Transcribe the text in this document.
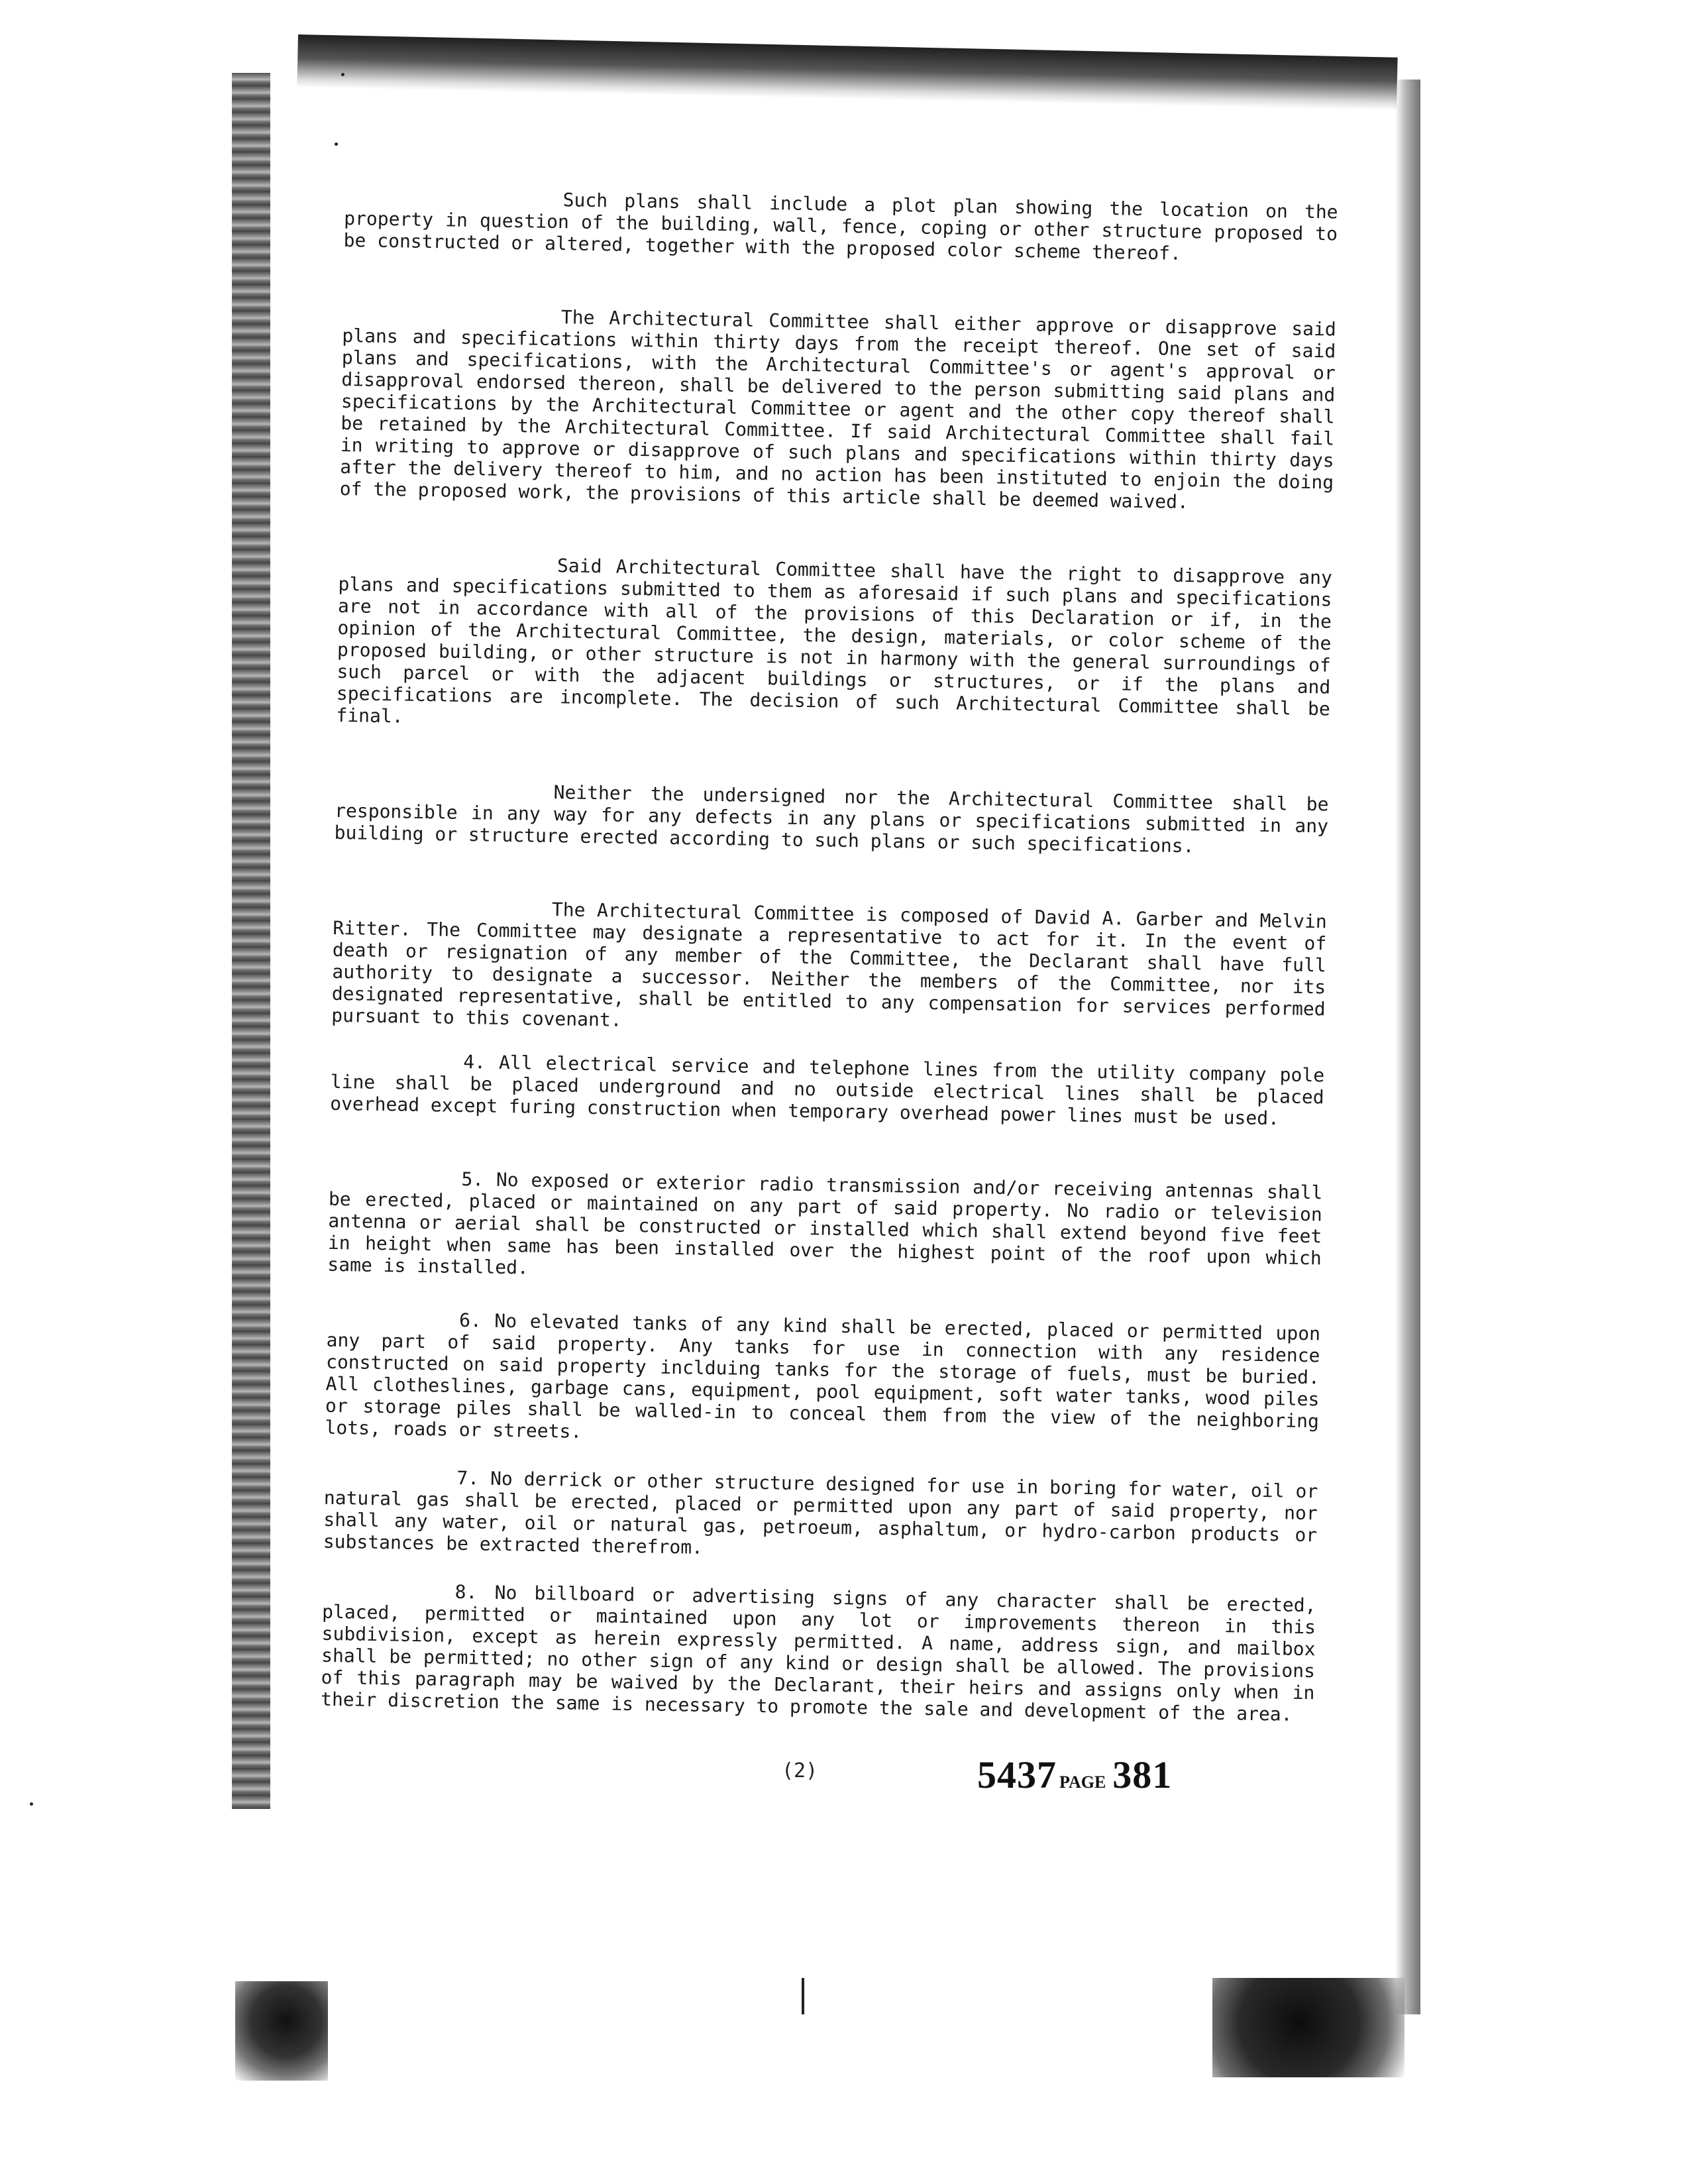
Such plans shall include a plot plan showing the location on the property in question of the building, wall, fence, coping or other structure proposed to be constructed or altered, together with the proposed color scheme thereof.

The Architectural Committee shall either approve or disapprove said plans and specifications within thirty days from the receipt thereof. One set of said plans and specifications, with the Architectural Committee's or agent's approval or disapproval endorsed thereon, shall be delivered to the person submitting said plans and specifications by the Architectural Committee or agent and the other copy thereof shall be retained by the Architectural Committee. If said Architectural Committee shall fail in writing to approve or disapprove of such plans and specifications within thirty days after the delivery thereof to him, and no action has been instituted to enjoin the doing of the proposed work, the provisions of this article shall be deemed waived.

Said Architectural Committee shall have the right to disapprove any plans and specifications submitted to them as aforesaid if such plans and specifications are not in accordance with all of the provisions of this Declaration or if, in the opinion of the Architectural Committee, the design, materials, or color scheme of the proposed building, or other structure is not in harmony with the general surroundings of such parcel or with the adjacent buildings or structures, or if the plans and specifications are incomplete. The decision of such Architectural Committee shall be final.

Neither the undersigned nor the Architectural Committee shall be responsible in any way for any defects in any plans or specifications submitted in any building or structure erected according to such plans or such specifications.

The Architectural Committee is composed of David A. Garber and Melvin Ritter. The Committee may designate a representative to act for it. In the event of death or resignation of any member of the Committee, the Declarant shall have full authority to designate a successor. Neither the members of the Committee, nor its designated representative, shall be entitled to any compensation for services performed pursuant to this covenant.

4. All electrical service and telephone lines from the utility company pole line shall be placed underground and no outside electrical lines shall be placed overhead except furing construction when temporary overhead power lines must be used.

5. No exposed or exterior radio transmission and/or receiving antennas shall be erected, placed or maintained on any part of said property. No radio or television antenna or aerial shall be constructed or installed which shall extend beyond five feet in height when same has been installed over the highest point of the roof upon which same is installed.

6. No elevated tanks of any kind shall be erected, placed or permitted upon any part of said property. Any tanks for use in connection with any residence constructed on said property inclduing tanks for the storage of fuels, must be buried. All clotheslines, garbage cans, equipment, pool equipment, soft water tanks, wood piles or storage piles shall be walled-in to conceal them from the view of the neighboring lots, roads or streets.

7. No derrick or other structure designed for use in boring for water, oil or natural gas shall be erected, placed or permitted upon any part of said property, nor shall any water, oil or natural gas, petroeum, asphaltum, or hydro-carbon products or substances be extracted therefrom.

8. No billboard or advertising signs of any character shall be erected, placed, permitted or maintained upon any lot or improvements thereon in this subdivision, except as herein expressly permitted. A name, address sign, and mailbox shall be permitted; no other sign of any kind or design shall be allowed. The provisions of this paragraph may be waived by the Declarant, their heirs and assigns only when in their discretion the same is necessary to promote the sale and development of the area.

(2)	5437 PAGE 381
